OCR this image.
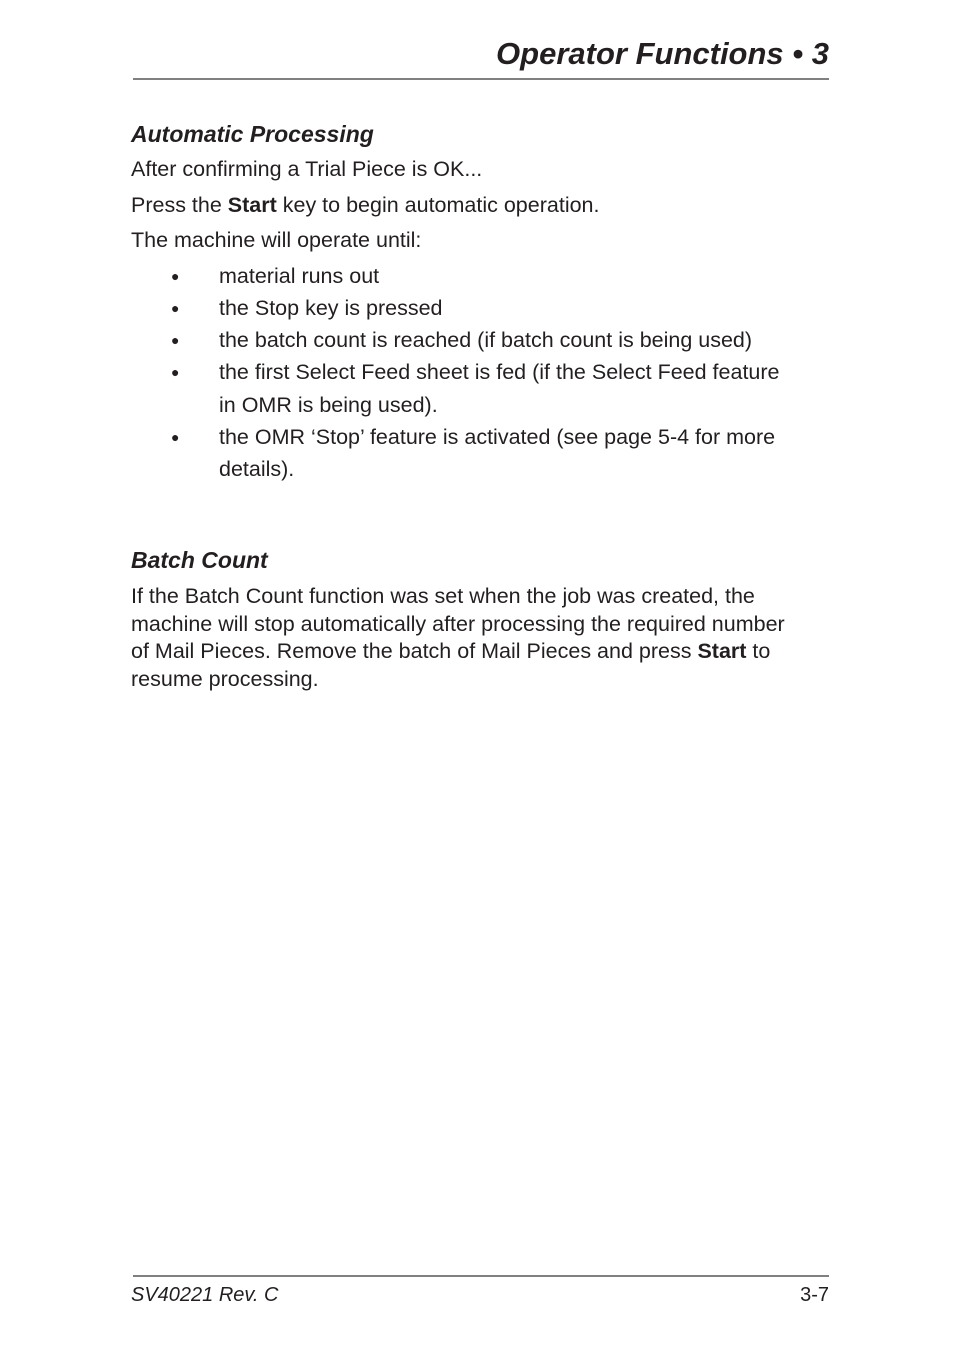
Operator Functions • 3
Automatic Processing
After confirming a Trial Piece is OK...
Press the Start key to begin automatic operation.
The machine will operate until:
● material runs out
● the Stop key is pressed
● the batch count is reached (if batch count is being used)
● the first Select Feed sheet is fed (if the Select Feed feature
in OMR is being used).
● the OMR ‘Stop’ feature is activated (see page 5-4 for more
details).
Batch Count
If the Batch Count function was set when the job was created, the
machine will stop automatically after processing the required number
of Mail Pieces. Remove the batch of Mail Pieces and press Start to
resume processing.
SV40221 Rev. C	3-7
